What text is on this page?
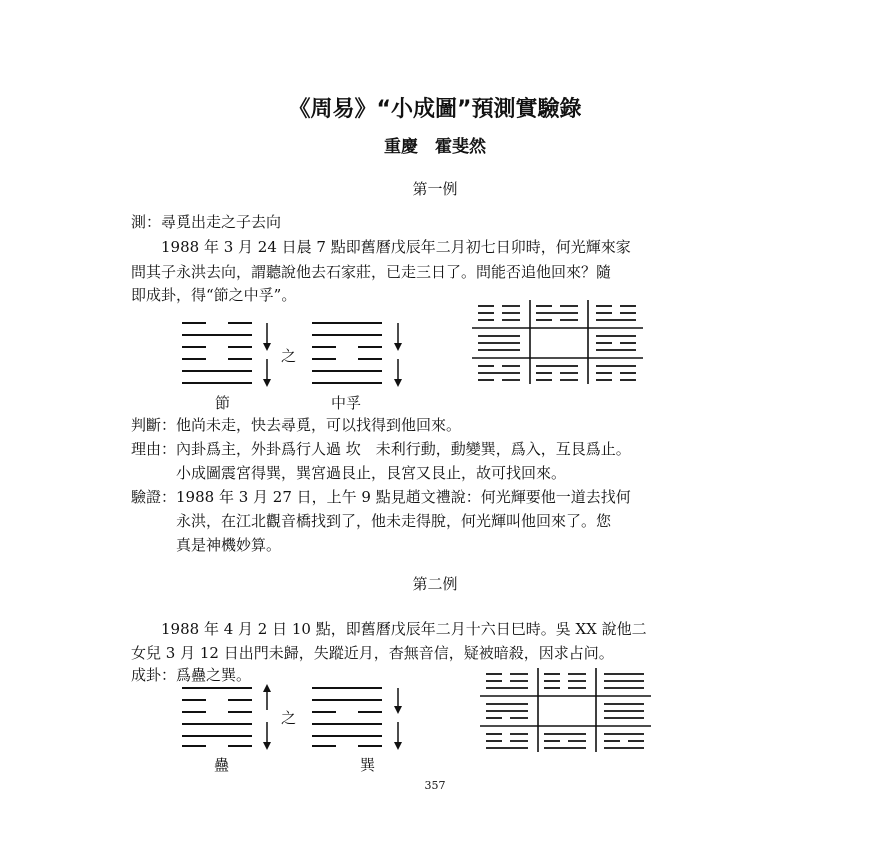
《周易》“小成圖”預測實驗錄
重慶　霍斐然
第一例
測：尋覓出走之子去向
　　1988 年 3 月 24 日晨 7 點即舊曆戊辰年二月初七日卯時，何光輝來家
問其子永洪去向，謂聽說他去石家莊，已走三日了。問能否追他回來？隨
即成卦，得“節之中孚”。
之
節	中孚
判斷：他尚未走，快去尋覓，可以找得到他回來。
理由：內卦爲主，外卦爲行人過 坎　未利行動，動變巽，爲入，互艮爲止。
　　　小成圖震宮得巽，巽宮過艮止，艮宮又艮止，故可找回來。
驗證：1988 年 3 月 27 日，上午 9 點見趙文禮說：何光輝要他一道去找何
　　　永洪，在江北觀音橋找到了，他未走得脫，何光輝叫他回來了。您
　　　真是神機妙算。
第二例
　　1988 年 4 月 2 日 10 點，即舊曆戊辰年二月十六日巳時。吳 XX 說他二
女兒 3 月 12 日出門未歸，失蹤近月，杳無音信，疑被暗殺，因求占问。
成卦：爲蠱之巽。
之
蠱	巽
357
